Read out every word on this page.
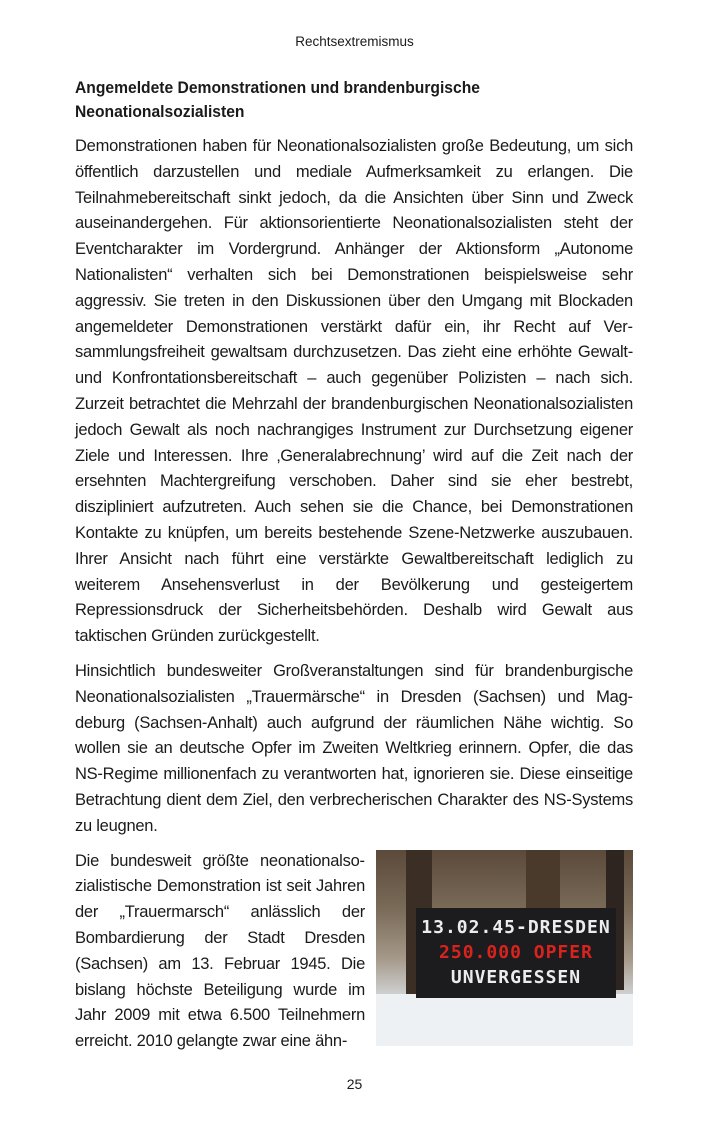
Rechtsextremismus
Angemeldete Demonstrationen und brandenburgische Neonationalsozialisten

Demonstrationen haben für Neonationalsozialisten große Bedeutung, um sich öffentlich darzustellen und mediale Aufmerksamkeit zu erlangen. Die Teilnahmebereitschaft sinkt jedoch, da die Ansichten über Sinn und Zweck auseinandergehen. Für aktionsorientierte Neonationalsozialisten steht der Eventcharakter im Vordergrund. Anhänger der Aktionsform „Autonome Nationalisten“ verhalten sich bei Demonstrationen beispielsweise sehr aggressiv. Sie treten in den Diskussionen über den Umgang mit Blockaden angemeldeter Demonstrationen verstärkt dafür ein, ihr Recht auf Versammlungsfreiheit gewaltsam durchzusetzen. Das zieht eine erhöhte Gewalt- und Konfrontationsbereitschaft – auch gegenüber Polizisten – nach sich. Zurzeit betrachtet die Mehrzahl der brandenburgischen Neonationalsozialisten jedoch Gewalt als noch nachrangiges Instrument zur Durchsetzung eigener Ziele und Interessen. Ihre ‚Generalabrechnung’ wird auf die Zeit nach der ersehnten Machtergreifung verschoben. Daher sind sie eher bestrebt, diszipliniert aufzutreten. Auch sehen sie die Chance, bei Demonstrationen Kontakte zu knüpfen, um bereits bestehende Szene-Netzwerke auszubauen. Ihrer Ansicht nach führt eine verstärkte Gewaltbereitschaft lediglich zu weiterem Ansehensverlust in der Bevölkerung und gesteigertem Repressionsdruck der Sicherheitsbehörden. Deshalb wird Gewalt aus taktischen Gründen zurückgestellt.

Hinsichtlich bundesweiter Großveranstaltungen sind für brandenburgische Neonationalsozialisten „Trauermärsche“ in Dresden (Sachsen) und Magdeburg (Sachsen-Anhalt) auch aufgrund der räumlichen Nähe wichtig. So wollen sie an deutsche Opfer im Zweiten Weltkrieg erinnern. Opfer, die das NS-Regime millionenfach zu verantworten hat, ignorieren sie. Diese einseitige Betrachtung dient dem Ziel, den verbrecherischen Charakter des NS-Systems zu leugnen.

Die bundesweit größte neonationalsozialistische Demonstration ist seit Jahren der „Trauermarsch“ anlässlich der Bombardierung der Stadt Dresden (Sachsen) am 13. Februar 1945. Die bislang höchste Beteiligung wurde im Jahr 2009 mit etwa 6.500 Teilnehmern erreicht. 2010 gelangte zwar eine ähn-

13.02.45-DRESDEN
250.000 OPFER
UNVERGESSEN
25
